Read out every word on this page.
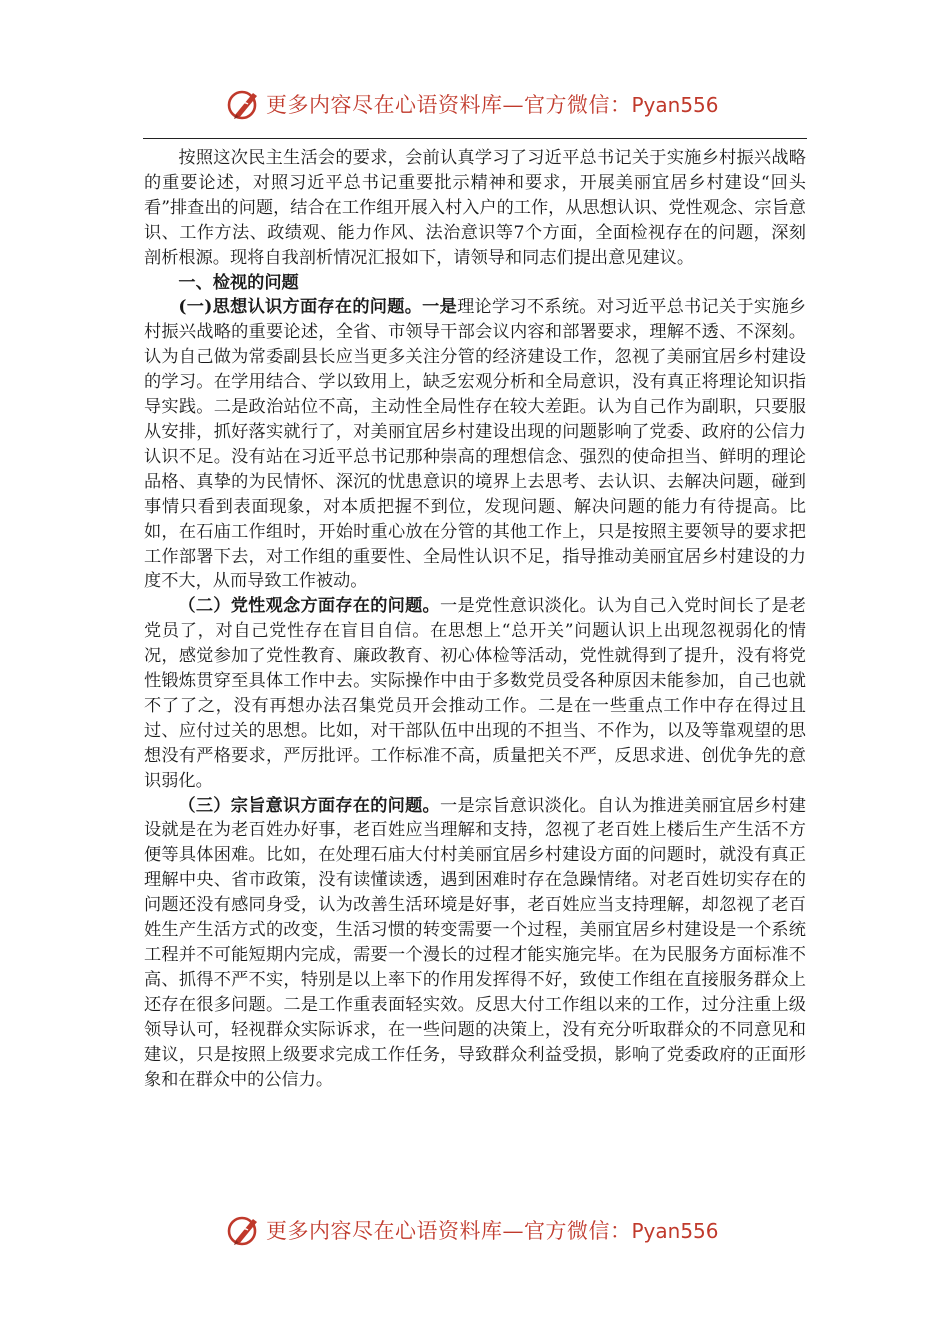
更多内容尽在心语资料库—官方微信：Pyan556

按照这次民主生活会的要求，会前认真学习了习近平总书记关于实施乡村振兴战略的重要论述，对照习近平总书记重要批示精神和要求，开展美丽宜居乡村建设“回头看”排查出的问题，结合在工作组开展入村入户的工作，从思想认识、党性观念、宗旨意识、工作方法、政绩观、能力作风、法治意识等7个方面，全面检视存在的问题，深刻剖析根源。现将自我剖析情况汇报如下，请领导和同志们提出意见建议。

一、检视的问题

(一)思想认识方面存在的问题。一是理论学习不系统。对习近平总书记关于实施乡村振兴战略的重要论述，全省、市领导干部会议内容和部署要求，理解不透、不深刻。认为自己做为常委副县长应当更多关注分管的经济建设工作，忽视了美丽宜居乡村建设的学习。在学用结合、学以致用上，缺乏宏观分析和全局意识，没有真正将理论知识指导实践。二是政治站位不高，主动性全局性存在较大差距。认为自己作为副职，只要服从安排，抓好落实就行了，对美丽宜居乡村建设出现的问题影响了党委、政府的公信力认识不足。没有站在习近平总书记那种崇高的理想信念、强烈的使命担当、鲜明的理论品格、真挚的为民情怀、深沉的忧患意识的境界上去思考、去认识、去解决问题，碰到事情只看到表面现象，对本质把握不到位，发现问题、解决问题的能力有待提高。比如，在石庙工作组时，开始时重心放在分管的其他工作上，只是按照主要领导的要求把工作部署下去，对工作组的重要性、全局性认识不足，指导推动美丽宜居乡村建设的力度不大，从而导致工作被动。

（二）党性观念方面存在的问题。一是党性意识淡化。认为自己入党时间长了是老党员了，对自己党性存在盲目自信。在思想上“总开关”问题认识上出现忽视弱化的情况，感觉参加了党性教育、廉政教育、初心体检等活动，党性就得到了提升，没有将党性锻炼贯穿至具体工作中去。实际操作中由于多数党员受各种原因未能参加，自己也就不了了之，没有再想办法召集党员开会推动工作。二是在一些重点工作中存在得过且过、应付过关的思想。比如，对干部队伍中出现的不担当、不作为，以及等靠观望的思想没有严格要求，严厉批评。工作标准不高，质量把关不严，反思求进、创优争先的意识弱化。

（三）宗旨意识方面存在的问题。一是宗旨意识淡化。自认为推进美丽宜居乡村建设就是在为老百姓办好事，老百姓应当理解和支持，忽视了老百姓上楼后生产生活不方便等具体困难。比如，在处理石庙大付村美丽宜居乡村建设方面的问题时，就没有真正理解中央、省市政策，没有读懂读透，遇到困难时存在急躁情绪。对老百姓切实存在的问题还没有感同身受，认为改善生活环境是好事，老百姓应当支持理解，却忽视了老百姓生产生活方式的改变，生活习惯的转变需要一个过程，美丽宜居乡村建设是一个系统工程并不可能短期内完成，需要一个漫长的过程才能实施完毕。在为民服务方面标准不高、抓得不严不实，特别是以上率下的作用发挥得不好，致使工作组在直接服务群众上还存在很多问题。二是工作重表面轻实效。反思大付工作组以来的工作，过分注重上级领导认可，轻视群众实际诉求，在一些问题的决策上，没有充分听取群众的不同意见和建议，只是按照上级要求完成工作任务，导致群众利益受损，影响了党委政府的正面形象和在群众中的公信力。

更多内容尽在心语资料库—官方微信：Pyan556
